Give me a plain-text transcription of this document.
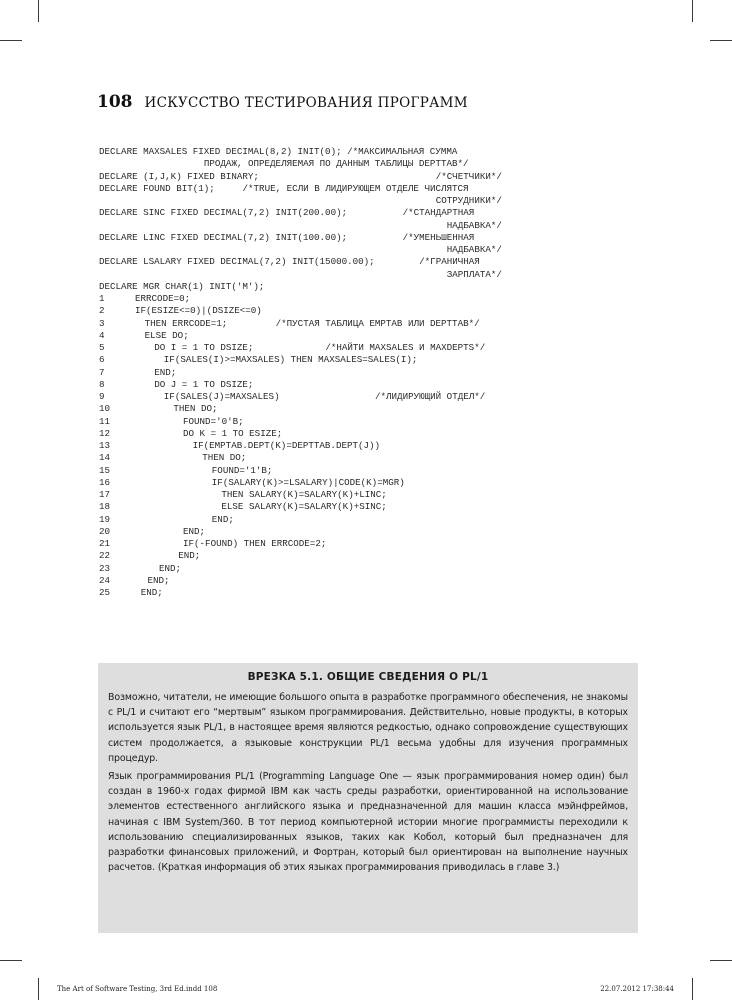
108 ИСКУССТВО ТЕСТИРОВАНИЯ ПРОГРАММ
DECLARE MAXSALES FIXED DECIMAL(8,2) INIT(0); /*МАКСИМАЛЬНАЯ СУММА
ПРОДАЖ, ОПРЕДЕЛЯЕМАЯ ПО ДАННЫМ ТАБЛИЦЫ DEPTTAB*/
DECLARE (I,J,K) FIXED BINARY;	/*СЧЕТЧИКИ*/
DECLARE FOUND BIT(1);	/*TRUE, ЕСЛИ В ЛИДИРУЮЩЕМ ОТДЕЛЕ ЧИСЛЯТСЯ
СОТРУДНИКИ*/
DECLARE SINC FIXED DECIMAL(7,2) INIT(200.00);	/*СТАНДАРТНАЯ
НАДБАВКА*/
DECLARE LINC FIXED DECIMAL(7,2) INIT(100.00);	/*УМЕНЬШЕННАЯ
НАДБАВКА*/
DECLARE LSALARY FIXED DECIMAL(7,2) INIT(15000.00);	/*ГРАНИЧНАЯ
ЗАРПЛАТА*/
DECLARE MGR CHAR(1) INIT('M');
1	ERRCODE=0;
2	IF(ESIZE<=0)|(DSIZE<=0)
3	THEN ERRCODE=1;	/*ПУСТАЯ ТАБЛИЦА EMPTAB ИЛИ DEPTTAB*/
4	ELSE DO;
5	DO I = 1 TO DSIZE;	/*НАЙТИ MAXSALES И MAXDEPTS*/
6	IF(SALES(I)>=MAXSALES) THEN MAXSALES=SALES(I);
7	END;
8	DO J = 1 TO DSIZE;
9	IF(SALES(J)=MAXSALES)	/*ЛИДИРУЮЩИЙ ОТДЕЛ*/
10	THEN DO;
11	FOUND='0'B;
12	DO K = 1 TO ESIZE;
13	IF(EMPTAB.DEPT(K)=DEPTTAB.DEPT(J))
14	THEN DO;
15	FOUND='1'B;
16	IF(SALARY(K)>=LSALARY)|CODE(K)=MGR)
17	THEN SALARY(K)=SALARY(K)+LINC;
18	ELSE SALARY(K)=SALARY(K)+SINC;
19	END;
20	END;
21	IF(-FOUND) THEN ERRCODE=2;
22	END;
23	END;
24	END;
25	END;
ВРЕЗКА 5.1. ОБЩИЕ СВЕДЕНИЯ О PL/1

Возможно, читатели, не имеющие большого опыта в разработке программного обеспечения, не знакомы с PL/1 и считают его “мертвым” языком программирования. Действительно, новые продукты, в которых используется язык PL/1, в настоящее время являются редкостью, однако сопровождение существующих систем продолжается, а языковые конструкции PL/1 весьма удобны для изучения программных процедур.

Язык программирования PL/1 (Programming Language One — язык программирования номер один) был создан в 1960-х годах фирмой IBM как часть среды разработки, ориентированной на использование элементов естественного английского языка и предназначенной для машин класса мэйнфреймов, начиная с IBM System/360. В тот период компьютерной истории многие программисты переходили к использованию специализированных языков, таких как Кобол, который был предназначен для разработки финансовых приложений, и Фортран, который был ориентирован на выполнение научных расчетов. (Краткая информация об этих языках программирования приводилась в главе 3.)

The Art of Software Testing, 3rd Ed.indd 108	22.07.2012 17:38:44
